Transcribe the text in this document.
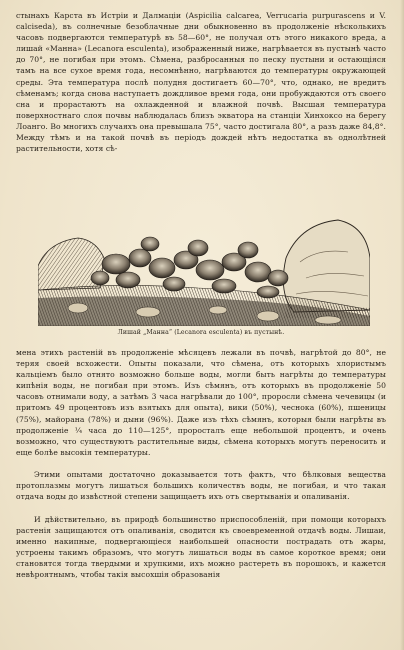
стынахъ Карста въ Истріи и Далмаціи (Aspicilia calcarea, Verrucaria purpurascens и V. calciseda), въ солнечные безоблачные дни обыкновенно въ продолженіе нѣсколькихъ часовъ подвергаются температурѣ въ 58—60°, не получая отъ этого никакого вреда, а лишай «Манна» (Lecanora esculenta), изображенный ниже, нагрѣвается въ пустынѣ часто до 70°, не погибая при этомъ. Сѣмена, разбросанныя по песку пустыни и остающіяся тамъ на все сухое время года, несомнѣнно, нагрѣваются до температуры окружающей среды. Эта температура послѣ полудня достигаетъ 60—70°, что, однако, не вредитъ сѣменамъ; когда снова наступаетъ дождливое время года, они пробуждаются отъ своего сна и прорастаютъ на охлажденной и влажной почвѣ. Высшая температура поверхностнаго слоя почвы наблюдалась близъ экватора на станціи Хинхоксо на берегу Лоанго. Во многихъ случаяхъ она превышала 75°, часто достигала 80°, а разъ даже 84,8°. Между тѣмъ и на такой почвѣ въ періодъ дождей нѣтъ недостатка въ однолѣтней растительности, хотя сѣ-

Лишай „Манна“ (Lecanora esculenta) въ пустынѣ.

мена этихъ растеній въ продолженіе мѣсяцевъ лежали въ почвѣ, нагрѣтой до 80°, не теряя своей всхожести. Опыты показали, что сѣмена, отъ которыхъ хлористымъ кальціемъ было отнято возможно больше воды, могли быть нагрѣты до температуры кипѣнія воды, не погибая при этомъ. Изъ сѣмянъ, отъ которыхъ въ продолженіе 50 часовъ отнимали воду, а затѣмъ 3 часа нагрѣвали до 100°, проросли сѣмена чечевицы (и притомъ 49 процентовъ изъ взятыхъ для опыта), вики (50%), чеснока (60%), пшеницы (75%), майорана (78%) и дыни (96%). Даже изъ тѣхъ сѣмянъ, которыя были нагрѣты въ продолженіе ¼ часа до 110—125°, проросталъ еще небольшой процентъ, и очень возможно, что существуютъ растительные виды, сѣмена которыхъ могутъ переносить и еще болѣе высокія температуры.

Этими опытами достаточно доказывается тотъ фактъ, что бѣлковыя вещества протоплазмы могутъ лишаться большихъ количествъ воды, не погибая, и что такая отдача воды до извѣстной степени защищаетъ ихъ отъ свертыванія и опаливанія.

И дѣйствительно, въ природѣ большинство приспособленій, при помощи которыхъ растенія защищаются отъ опаливанія, сводится къ своевременной отдачѣ воды. Лишаи, именно накипные, подвергающіеся наибольшей опасности пострадать отъ жары, устроены такимъ образомъ, что могутъ лишаться воды въ самое короткое время; они становятся тогда твердыми и хрупкими, ихъ можно растереть въ порошокъ, и кажется невѣроятнымъ, чтобы такія высохшія образованія
